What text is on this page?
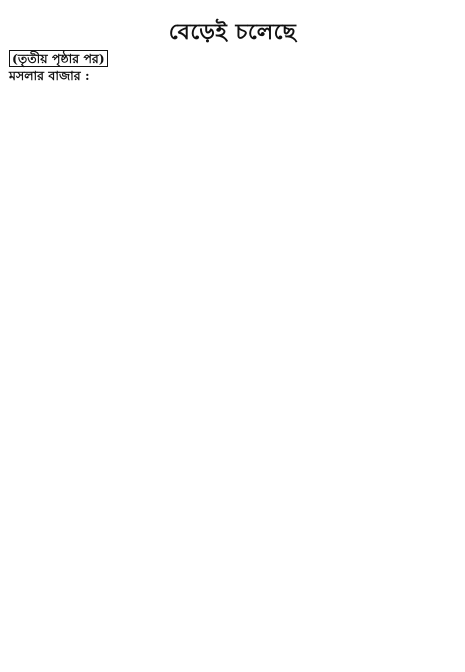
বেড়েই চলেছে

(তৃতীয় পৃষ্ঠার পর)

মসলার বাজার :
